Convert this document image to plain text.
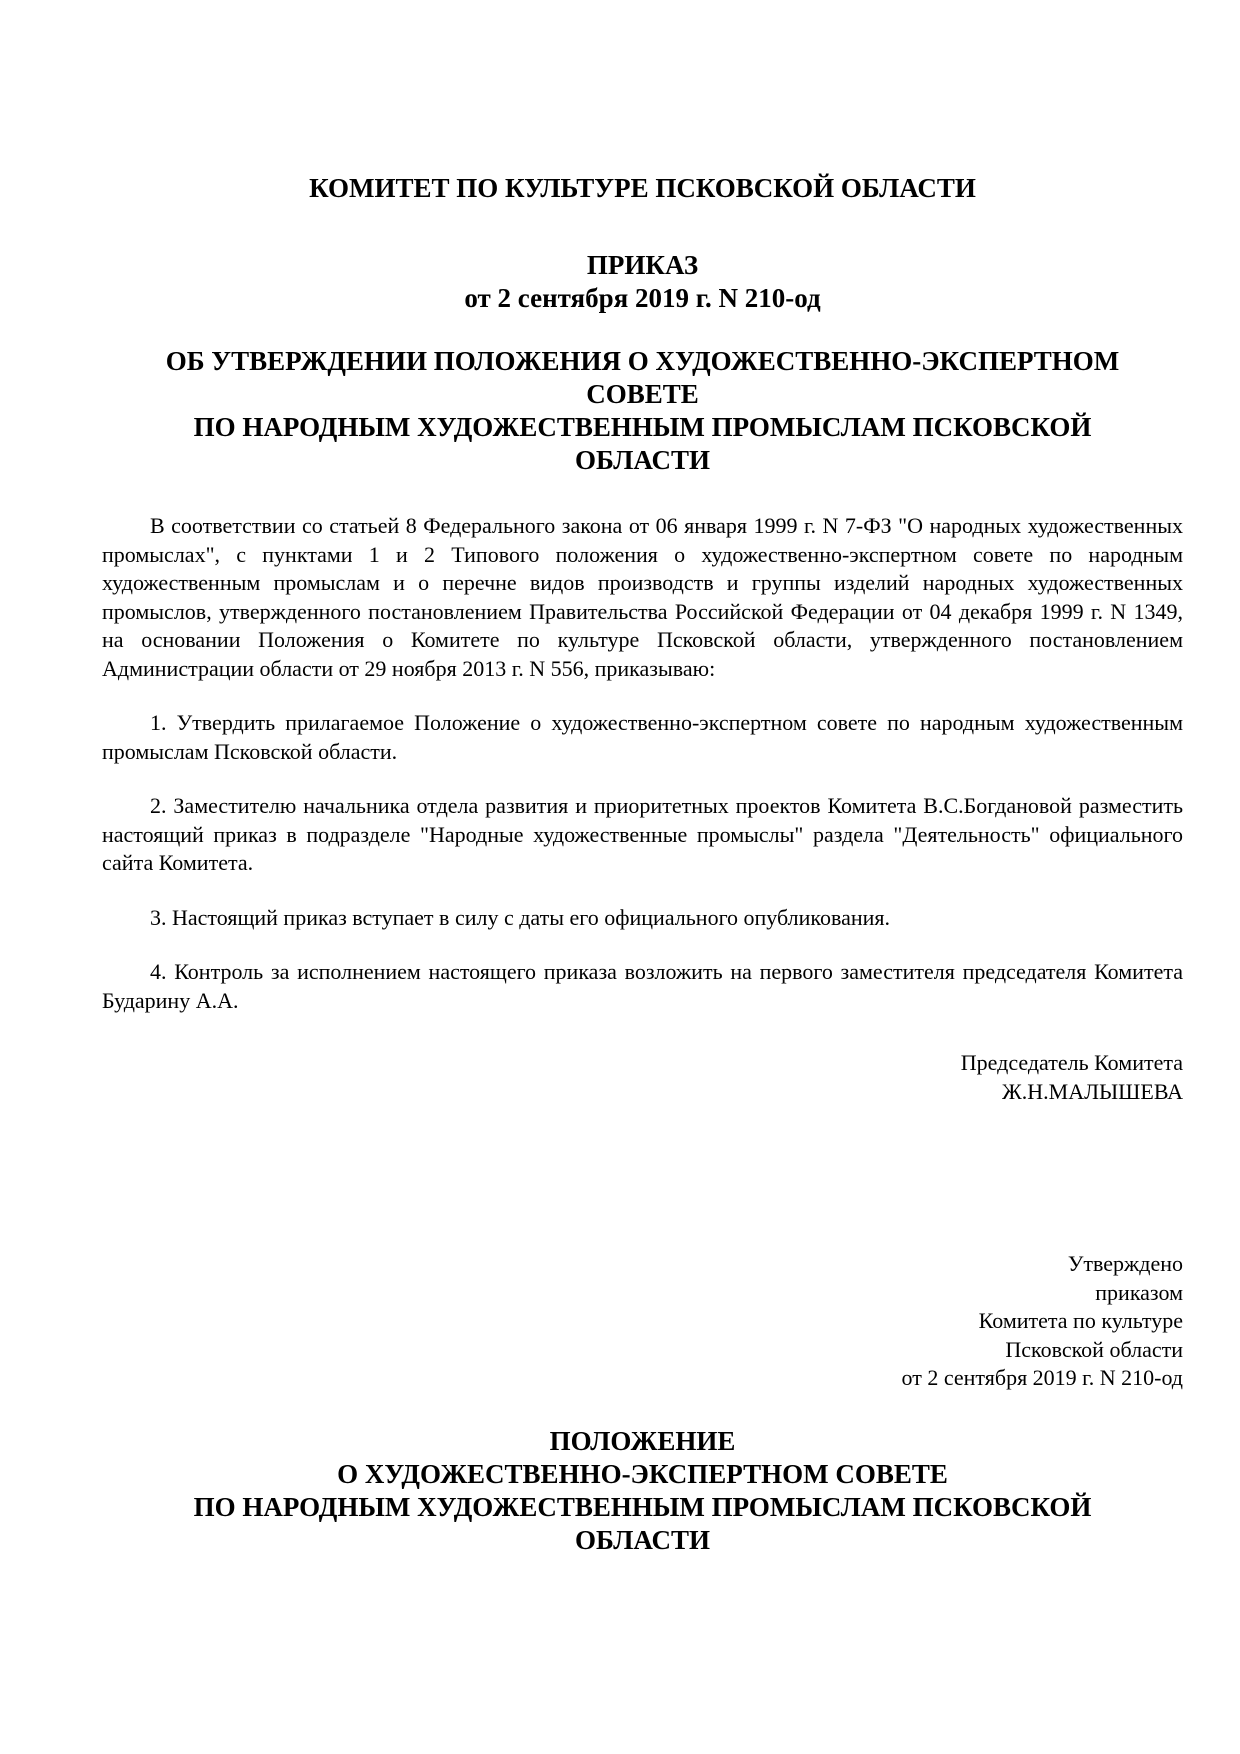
КОМИТЕТ ПО КУЛЬТУРЕ ПСКОВСКОЙ ОБЛАСТИ
ПРИКАЗ
от 2 сентября 2019 г. N 210-од
ОБ УТВЕРЖДЕНИИ ПОЛОЖЕНИЯ О ХУДОЖЕСТВЕННО-ЭКСПЕРТНОМ
СОВЕТЕ
ПО НАРОДНЫМ ХУДОЖЕСТВЕННЫМ ПРОМЫСЛАМ ПСКОВСКОЙ
ОБЛАСТИ

В соответствии со статьей 8 Федерального закона от 06 января 1999 г. N 7-ФЗ "О народных художественных промыслах", с пунктами 1 и 2 Типового положения о художественно-экспертном совете по народным художественным промыслам и о перечне видов производств и группы изделий народных художественных промыслов, утвержденного постановлением Правительства Российской Федерации от 04 декабря 1999 г. N 1349, на основании Положения о Комитете по культуре Псковской области, утвержденного постановлением Администрации области от 29 ноября 2013 г. N 556, приказываю:

1. Утвердить прилагаемое Положение о художественно-экспертном совете по народным художественным промыслам Псковской области.

2. Заместителю начальника отдела развития и приоритетных проектов Комитета В.С.Богдановой разместить настоящий приказ в подразделе "Народные художественные промыслы" раздела "Деятельность" официального сайта Комитета.

3. Настоящий приказ вступает в силу с даты его официального опубликования.

4. Контроль за исполнением настоящего приказа возложить на первого заместителя председателя Комитета Бударину А.А.

Председатель Комитета
Ж.Н.МАЛЫШЕВА
Утверждено
приказом
Комитета по культуре
Псковской области
от 2 сентября 2019 г. N 210-од
ПОЛОЖЕНИЕ
О ХУДОЖЕСТВЕННО-ЭКСПЕРТНОМ СОВЕТЕ
ПО НАРОДНЫМ ХУДОЖЕСТВЕННЫМ ПРОМЫСЛАМ ПСКОВСКОЙ
ОБЛАСТИ
